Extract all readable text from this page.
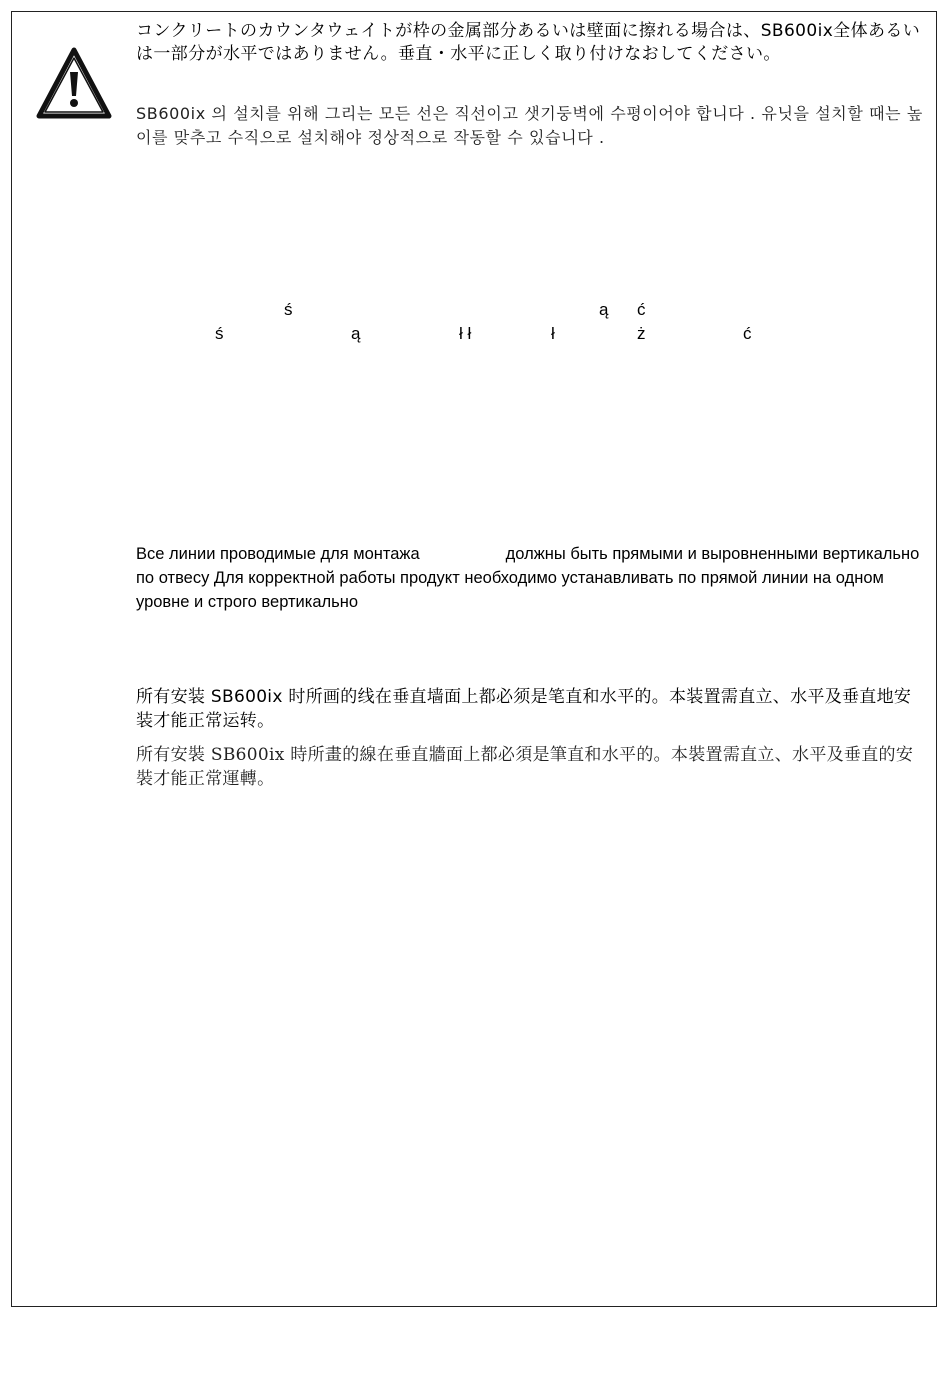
コンクリートのカウンタウェイトが枠の金属部分あるいは壁面に擦れる場合は、SB600ix全体あるいは一部分が水平ではありません。垂直・水平に正しく取り付けなおしてください。

SB600ix 의 설치를 위해 그리는 모든 선은 직선이고 샛기둥벽에 수평이어야 합니다 . 유닛을 설치할 때는 높이를 맞추고 수직으로 설치해야 정상적으로 작동할 수 있습니다 .

ś	ą ć
ś	ą	ł ł	ł	ż	ć

Все линии проводимые для монтажа	должны быть прямыми и выровненными вертикально по отвесу Для корректной работы продукт необходимо устанавливать по прямой линии на одном уровне и строго вертикально

所有安装 SB600ix 时所画的线在垂直墙面上都必须是笔直和水平的。本装置需直立、水平及垂直地安装才能正常运转。

所有安裝 SB600ix 時所畫的線在垂直牆面上都必須是筆直和水平的。本裝置需直立、水平及垂直的安裝才能正常運轉。
